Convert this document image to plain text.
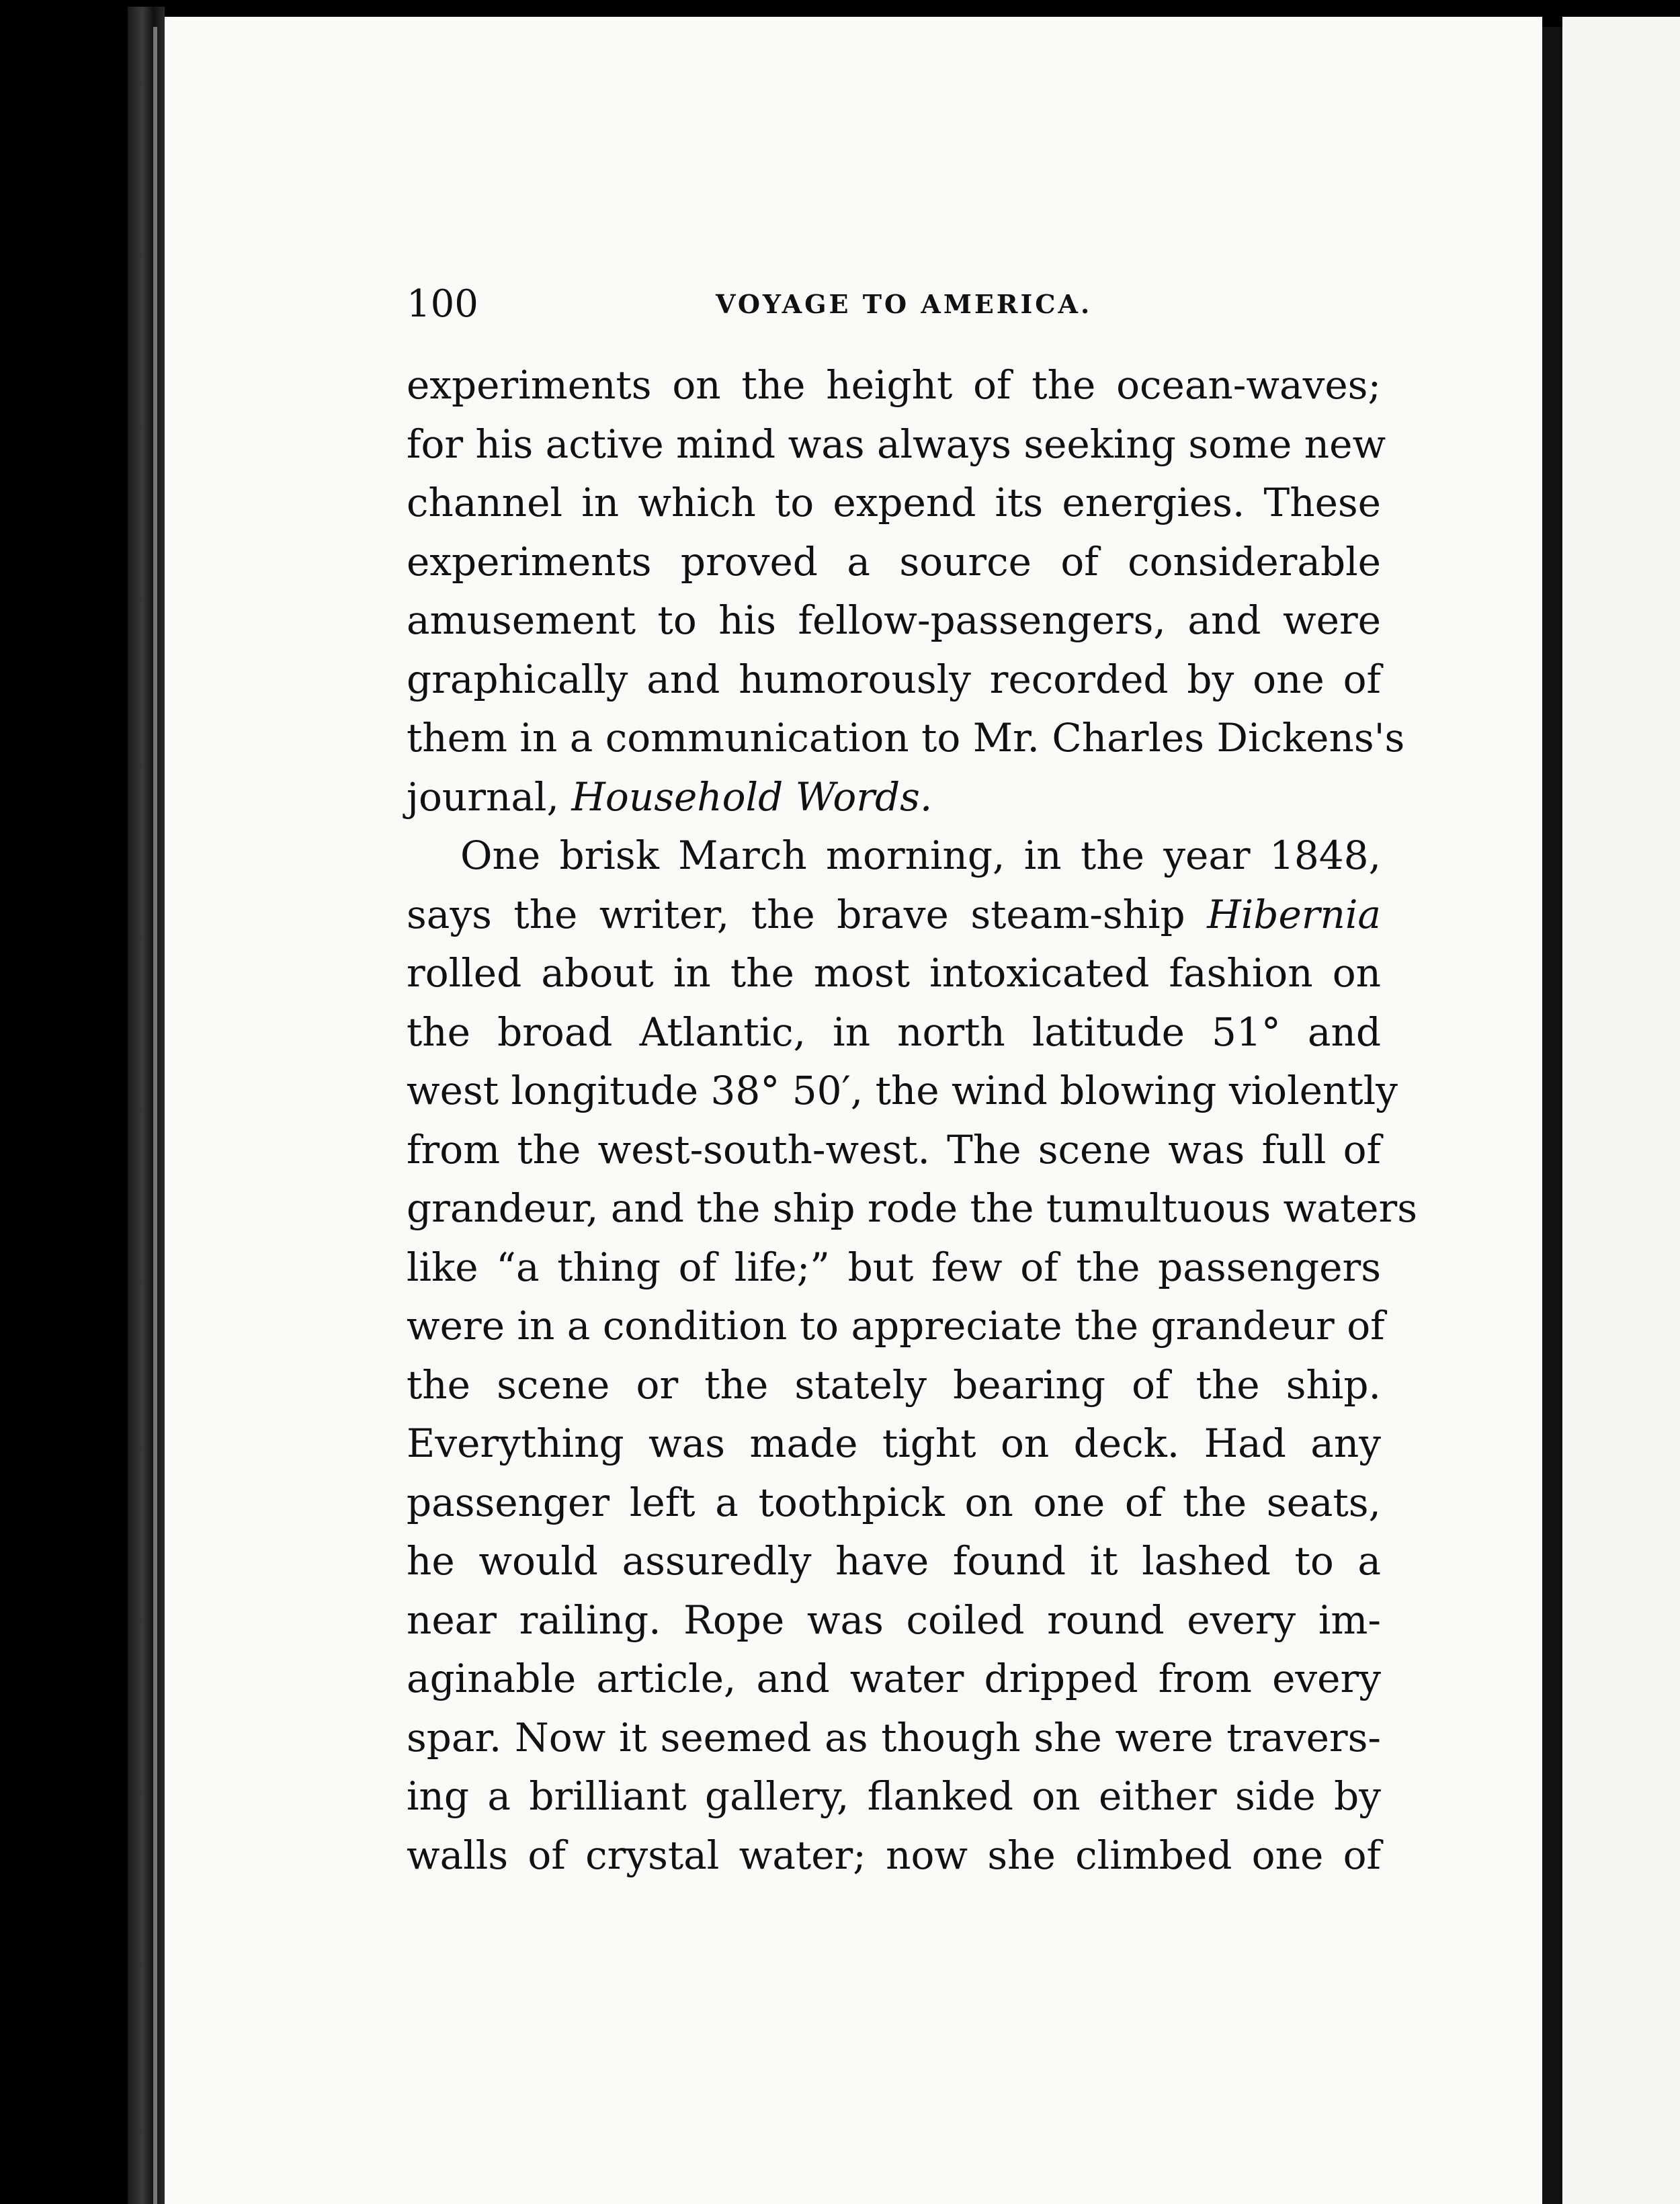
100	VOYAGE TO AMERICA.
experiments on the height of the ocean-waves;
for his active mind was always seeking some new
channel in which to expend its energies. These
experiments proved a source of considerable
amusement to his fellow-passengers, and were
graphically and humorously recorded by one of
them in a communication to Mr. Charles Dickens's
journal, Household Words.
One brisk March morning, in the year 1848,
says the writer, the brave steam-ship Hibernia
rolled about in the most intoxicated fashion on
the broad Atlantic, in north latitude 51° and
west longitude 38° 50′, the wind blowing violently
from the west-south-west. The scene was full of
grandeur, and the ship rode the tumultuous waters
like “a thing of life;” but few of the passengers
were in a condition to appreciate the grandeur of
the scene or the stately bearing of the ship.
Everything was made tight on deck. Had any
passenger left a toothpick on one of the seats,
he would assuredly have found it lashed to a
near railing. Rope was coiled round every im-
aginable article, and water dripped from every
spar. Now it seemed as though she were travers-
ing a brilliant gallery, flanked on either side by
walls of crystal water; now she climbed one of
